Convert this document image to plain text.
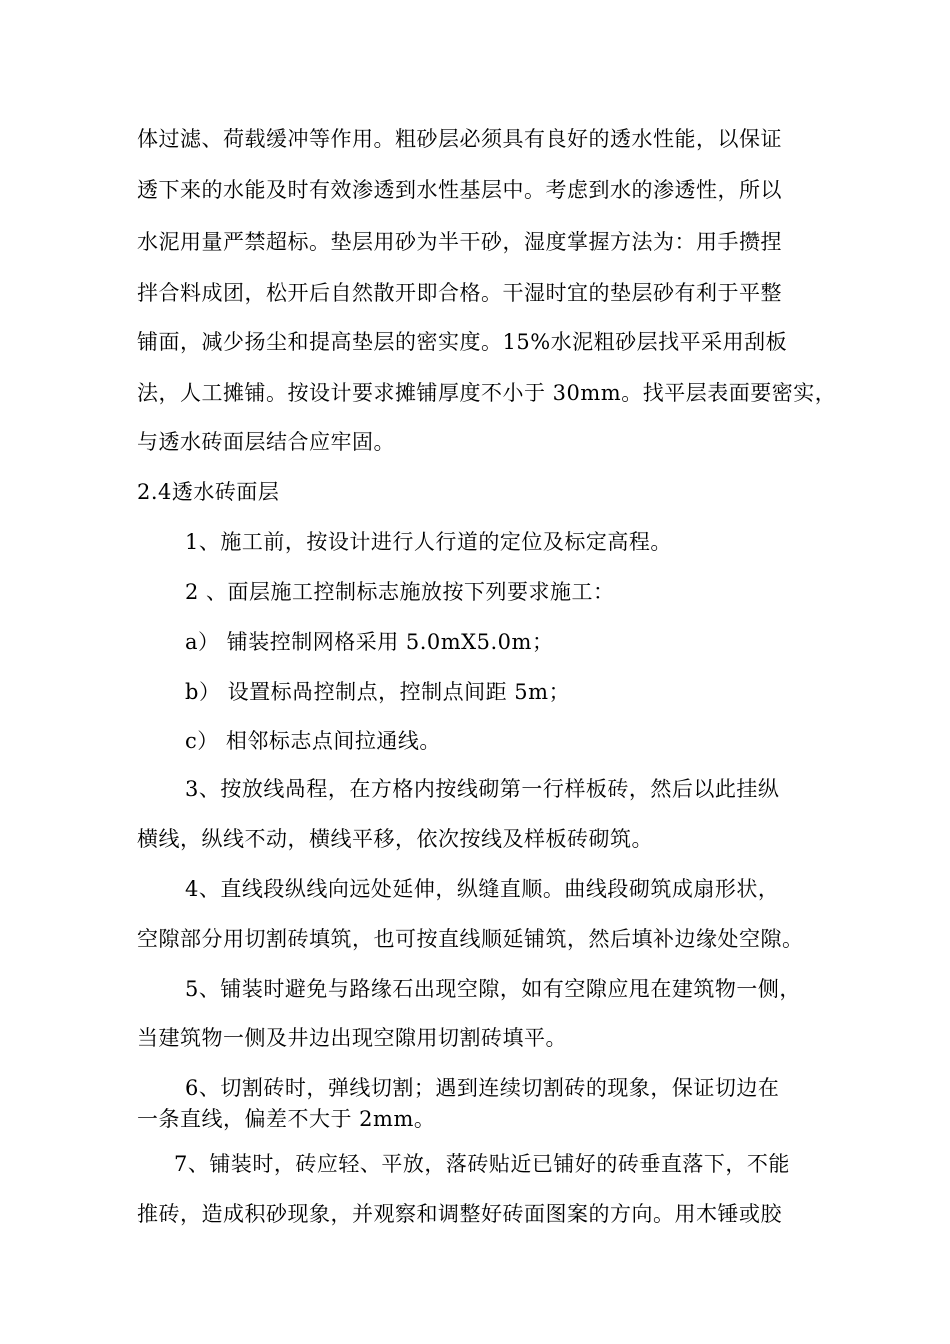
体过滤、荷载缓冲等作用。粗砂层必须具有良好的透水性能，以保证
透下来的水能及时有效渗透到水性基层中。考虑到水的渗透性，所以
水泥用量严禁超标。垫层用砂为半干砂，湿度掌握方法为：用手攒捏
拌合料成团，松开后自然散开即合格。干湿时宜的垫层砂有利于平整
铺面，减少扬尘和提高垫层的密实度。15%水泥粗砂层找平采用刮板
法，人工摊铺。按设计要求摊铺厚度不小于 30mm。找平层表面要密实，
与透水砖面层结合应牢固。
2.4透水砖面层
1、施工前，按设计进行人行道的定位及标定高程。
2 、面层施工控制标志施放按下列要求施工：
a） 铺装控制网格采用 5.0mX5.0m；
b） 设置标咼控制点，控制点间距 5m；
c） 相邻标志点间拉通线。
3、按放线咼程，在方格内按线砌第一行样板砖，然后以此挂纵
横线，纵线不动，横线平移，依次按线及样板砖砌筑。
4、直线段纵线向远处延伸，纵缝直顺。曲线段砌筑成扇形状，
空隙部分用切割砖填筑，也可按直线顺延铺筑，然后填补边缘处空隙。
5、铺装时避免与路缘石出现空隙，如有空隙应甩在建筑物一侧，
当建筑物一侧及井边出现空隙用切割砖填平。
6、切割砖时，弹线切割；遇到连续切割砖的现象，保证切边在
一条直线，偏差不大于 2mm。
7、铺装时，砖应轻、平放，落砖贴近已铺好的砖垂直落下，不能
推砖，造成积砂现象，并观察和调整好砖面图案的方向。用木锤或胶
